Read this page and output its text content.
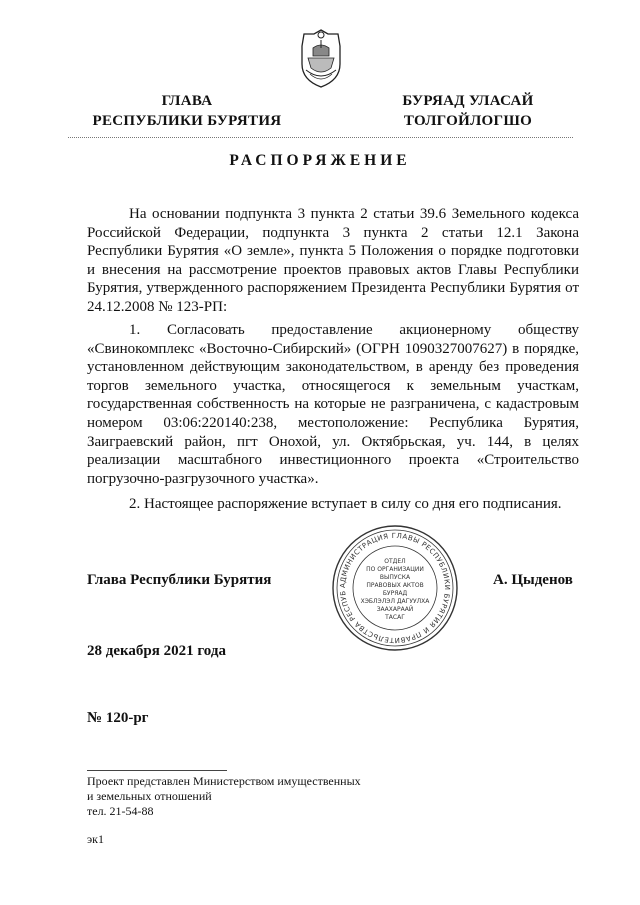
ГЛАВА
РЕСПУБЛИКИ БУРЯТИЯ
БУРЯАД УЛАСАЙ
ТОЛГОЙЛОГШО
РАСПОРЯЖЕНИЕ
На основании подпункта 3 пункта 2 статьи 39.6 Земельного кодекса Российской Федерации, подпункта 3 пункта 2 статьи 12.1 Закона Республики Бурятия «О земле», пункта 5 Положения о порядке подготовки и внесения на рассмотрение проектов правовых актов Главы Республики Бурятия, утвержденного распоряжением Президента Республики Бурятия от 24.12.2008 № 123-РП:
1. Согласовать предоставление акционерному обществу «Свинокомплекс «Восточно-Сибирский» (ОГРН 1090327007627) в порядке, установленном действующим законодательством, в аренду без проведения торгов земельного участка, относящегося к земельным участкам, государственная собственность на которые не разграничена, с кадастровым номером 03:06:220140:238, местоположение: Республика Бурятия, Заиграевский район, пгт Онохой, ул. Октябрьская, уч. 144, в целях реализации масштабного инвестиционного проекта «Строительство погрузочно-разгрузочного участка».
2. Настоящее распоряжение вступает в силу со дня его подписания.
АДМИНИСТРАЦИЯ ГЛАВЫ РЕСПУБЛИКИ БУРЯТИЯ И ПРАВИТЕЛЬСТВА РЕСПУБ
ОТДЕЛ
ПО ОРГАНИЗАЦИИ
ВЫПУСКА
ПРАВОВЫХ АКТОВ
БУРЯАД
ХЭБЛЭЛЭЛ ДАГУУЛХА
ЗААХАРААЙ
ТАСАГ
Глава Республики Бурятия	А. Цыденов
28 декабря 2021 года
№ 120-рг
Проект представлен Министерством имущественных
и земельных отношений
тел. 21-54-88
эк1
